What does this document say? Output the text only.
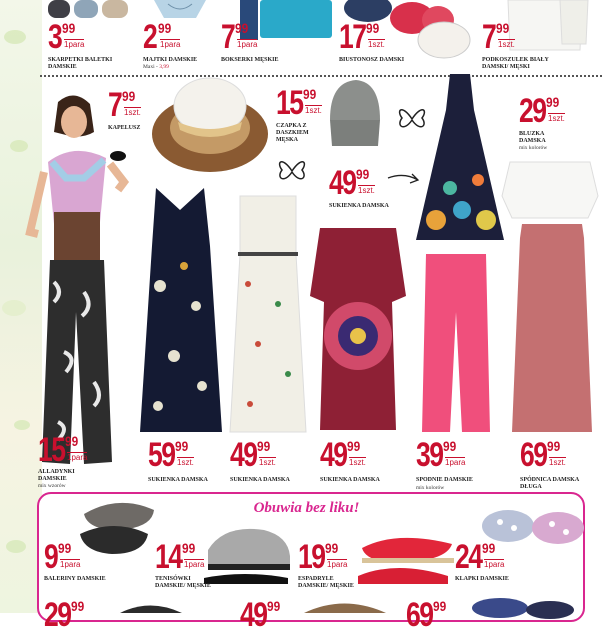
3 99
1para
SKARPETKI BALETKI DAMSKIE
2 99
1para
MAJTKI DAMSKIE
Maxi - 3,99
7 99
1para
BOKSERKI MĘSKIE
17 99
1szt.
BIUSTONOSZ DAMSKI
7 99
1szt.
PODKOSZULEK BIAŁY DAMSKI/ MĘSKI
7 99
1szt.
KAPELUSZ
15 99
1szt.
CZAPKA Z DASZKIEM MĘSKA
49 99
1szt.
SUKIENKA DAMSKA
29 99
1szt.
BLUZKA DAMSKA
mix kolorów
15 99
1para
ALLADYNKI DAMSKIE
mix wzorów
59 99
1szt.
SUKIENKA DAMSKA
49 99
1szt.
SUKIENKA DAMSKA
49 99
1szt.
SUKIENKA DAMSKA
39 99
1para
SPODNIE DAMSKIE
mix kolorów
69 99
1szt.
SPÓDNICA DAMSKA DŁUGA
Obuwia bez liku!
9 99
1para
BALERINY DAMSKIE
14 99
1para
TENISÓWKI DAMSKIE/ MĘSKIE
19 99
1para
ESPADRYLE DAMSKIE/ MĘSKIE
24 99
1para
KLAPKI DAMSKIE
29 99	49 99	69 99
